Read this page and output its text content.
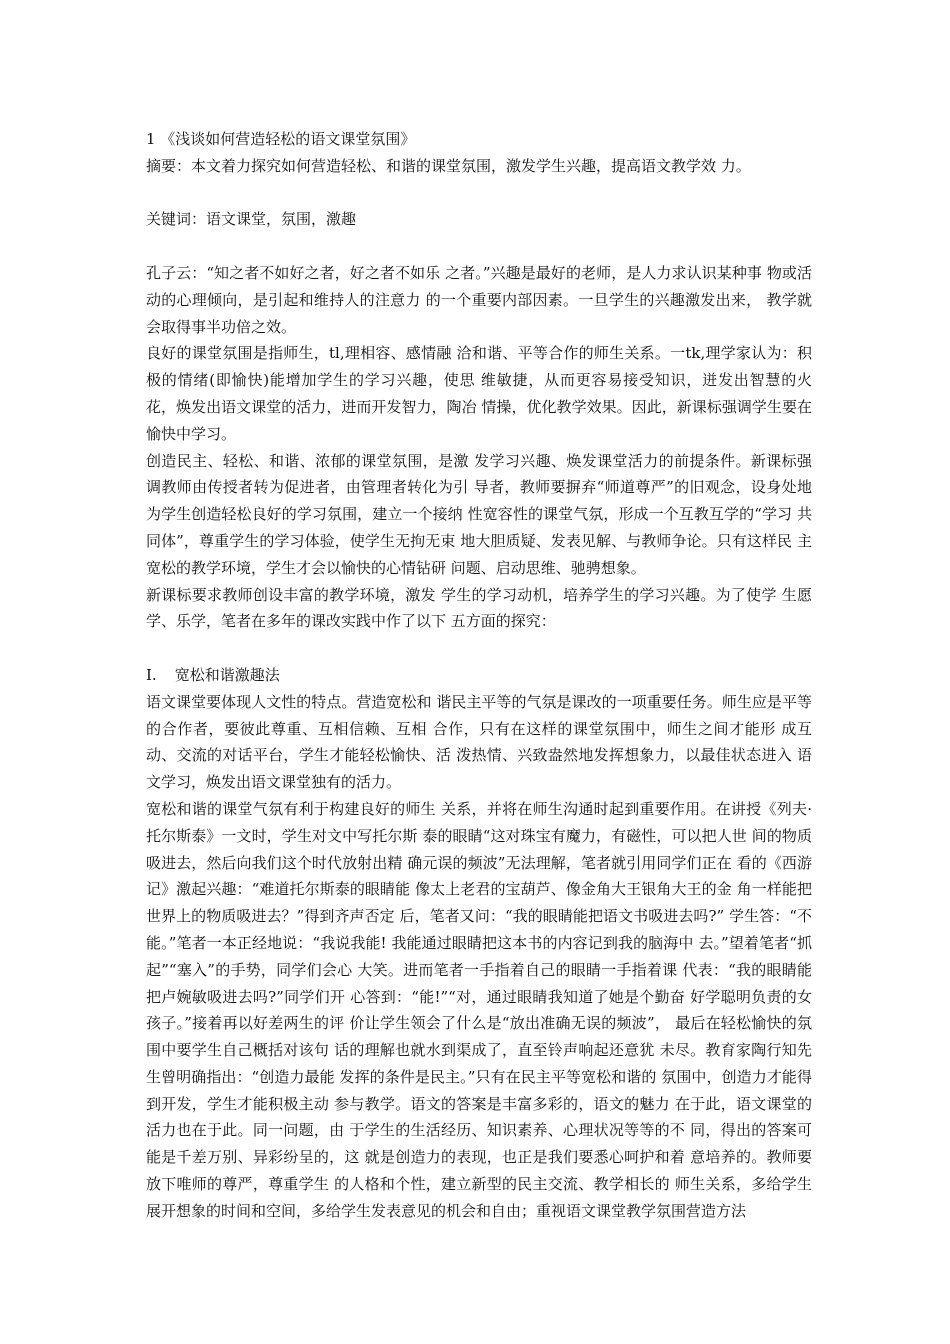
1 《浅谈如何营造轻松的语文课堂氛围》

摘要：本文着力探究如何营造轻松、和谐的课堂氛围，激发学生兴趣，提高语文教学效 力。

关键词：语文课堂，氛围，激趣

孔子云：“知之者不如好之者，好之者不如乐 之者。”兴趣是最好的老师，是人力求认识某种事 物或活动的心理倾向，是引起和维持人的注意力 的一个重要内部因素。一旦学生的兴趣激发出来， 教学就会取得事半功倍之效。

良好的课堂氛围是指师生，tl,理相容、感情融 洽和谐、平等合作的师生关系。一tk,理学家认为：积 极的情绪(即愉快)能增加学生的学习兴趣，使思 维敏捷，从而更容易接受知识，迸发出智慧的火 花，焕发出语文课堂的活力，进而开发智力，陶冶 情操，优化教学效果。因此，新课标强调学生要在 愉快中学习。

创造民主、轻松、和谐、浓郁的课堂氛围，是激 发学习兴趣、焕发课堂活力的前提条件。新课标强 调教师由传授者转为促进者，由管理者转化为引 导者，教师要摒弃“师道尊严”的旧观念，设身处地 为学生创造轻松良好的学习氛围，建立一个接纳 性宽容性的课堂气氛，形成一个互教互学的“学习 共同体”，尊重学生的学习体验，使学生无拘无束 地大胆质疑、发表见解、与教师争论。只有这样民 主宽松的教学环境，学生才会以愉快的心情钻研 问题、启动思维、驰骋想象。

新课标要求教师创设丰富的教学环境，激发 学生的学习动机，培养学生的学习兴趣。为了使学 生愿学、乐学，笔者在多年的课改实践中作了以下 五方面的探究：

I. 宽松和谐激趣法

语文课堂要体现人文性的特点。营造宽松和 谐民主平等的气氛是课改的一项重要任务。师生应是平等的合作者，要彼此尊重、互相信赖、互相 合作，只有在这样的课堂氛围中，师生之间才能形 成互动、交流的对话平台，学生才能轻松愉快、活 泼热情、兴致盎然地发挥想象力，以最佳状态进入 语文学习，焕发出语文课堂独有的活力。

宽松和谐的课堂气氛有利于构建良好的师生 关系，并将在师生沟通时起到重要作用。在讲授《列夫·托尔斯泰》一文时，学生对文中写托尔斯 泰的眼睛“这对珠宝有魔力，有磁性，可以把人世 间的物质吸进去，然后向我们这个时代放射出精 确元误的频波”无法理解，笔者就引用同学们正在 看的《西游记》激起兴趣：“难道托尔斯泰的眼睛能 像太上老君的宝葫芦、像金角大王银角大王的金 角一样能把世界上的物质吸进去？”得到齐声否定 后，笔者又问：“我的眼睛能把语文书吸进去吗?” 学生答：“不能。”笔者一本正经地说：“我说我能! 我能通过眼睛把这本书的内容记到我的脑海中 去。”望着笔者“抓起”“塞入”的手势，同学们会心 大笑。进而笔者一手指着自己的眼睛一手指着课 代表：“我的眼睛能把卢婉敏吸进去吗?”同学们开 心答到：“能!”“对，通过眼睛我知道了她是个勤奋 好学聪明负责的女孩子。”接着再以好差两生的评 价让学生领会了什么是“放出准确无误的频波”， 最后在轻松愉快的氛围中要学生自己概括对该句 话的理解也就水到渠成了，直至铃声响起还意犹 未尽。教育家陶行知先生曾明确指出：“创造力最能 发挥的条件是民主。”只有在民主平等宽松和谐的 氛围中，创造力才能得到开发，学生才能积极主动 参与教学。语文的答案是丰富多彩的，语文的魅力 在于此，语文课堂的活力也在于此。同一问题，由 于学生的生活经历、知识素养、心理状况等等的不 同，得出的答案可能是千差万别、异彩纷呈的，这 就是创造力的表现，也正是我们要悉心呵护和着 意培养的。教师要放下唯师的尊严，尊重学生 的人格和个性，建立新型的民主交流、教学相长的 师生关系，多给学生展开想象的时间和空间，多给学生发表意见的机会和自由；重视语文课堂教学氛围营造方法
